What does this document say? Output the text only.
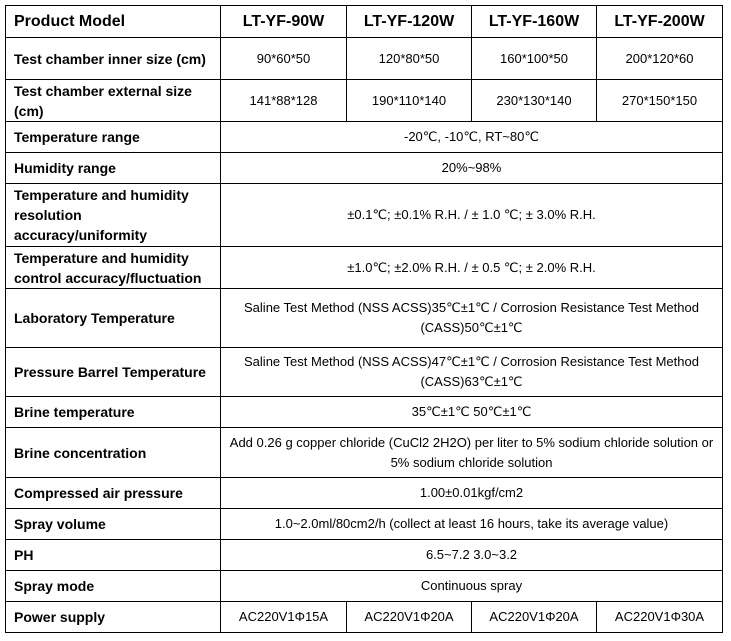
Product Model	LT-YF-90W	LT-YF-120W	LT-YF-160W	LT-YF-200W
Test chamber inner size (cm)	90*60*50	120*80*50	160*100*50	200*120*60
Test chamber external size (cm)	141*88*128	190*110*140	230*130*140	270*150*150
Temperature range	-20℃, -10℃, RT~80℃			
Humidity range	20%~98%			
Temperature and humidity resolution accuracy/uniformity	±0.1℃; ±0.1% R.H. / ± 1.0 ℃; ± 3.0% R.H.			
Temperature and humidity control accuracy/fluctuation	±1.0℃; ±2.0% R.H. / ± 0.5 ℃; ± 2.0% R.H.			
Laboratory Temperature	Saline Test Method (NSS ACSS)35℃±1℃ / Corrosion Resistance Test Method (CASS)50℃±1℃			
Pressure Barrel Temperature	Saline Test Method (NSS ACSS)47℃±1℃ / Corrosion Resistance Test Method (CASS)63℃±1℃			
Brine temperature	35℃±1℃ 50℃±1℃			
Brine concentration	Add 0.26 g copper chloride (CuCl2 2H2O) per liter to 5% sodium chloride solution or 5% sodium chloride solution			
Compressed air pressure	1.00±0.01kgf/cm2			
Spray volume	1.0~2.0ml/80cm2/h (collect at least 16 hours, take its average value)			
PH	6.5~7.2 3.0~3.2			
Spray mode	Continuous spray			
Power supply	AC220V1Φ15A	AC220V1Φ20A	AC220V1Φ20A	AC220V1Φ30A
